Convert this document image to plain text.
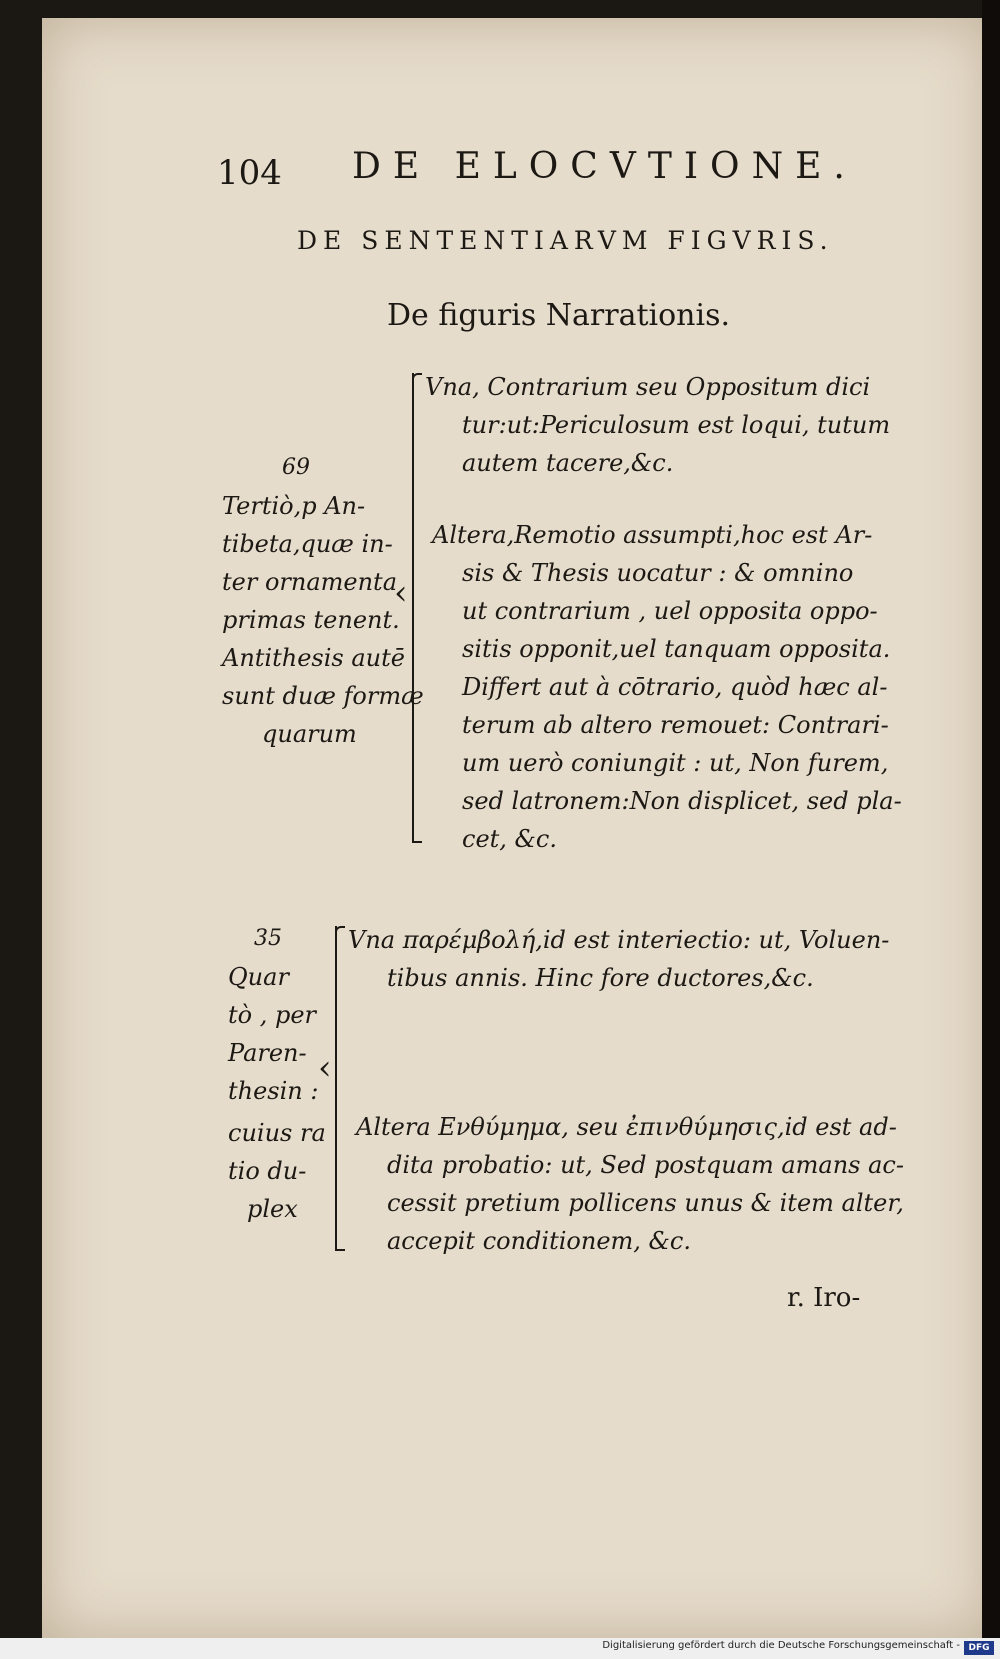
104 DE ELOCVTIONE.
DE SENTENTIARVM FIGVRIS.
De figuris Narrationis.
69
Tertiò,p An-
tibeta,quæ in-
ter ornamenta
primas tenent.
Antithesis autē
sunt duæ formæ
quarum
‹
Vna, Contrarium seu Oppositum dici
tur:ut:Periculosum est loqui, tutum
autem tacere,&c.
Altera,Remotio assumpti,hoc est Ar-
sis & Thesis uocatur : & omnino
ut contrarium , uel opposita oppo-
sitis opponit,uel tanquam opposita.
Differt aut à cōtrario, quòd hæc al-
terum ab altero remouet: Contrari-
um uerò coniungit : ut, Non furem,
sed latronem:Non displicet, sed pla-
cet, &c.
35
Quar
tò , per
Paren-
thesin :
cuius ra
tio du-
plex
‹
Vna παρέμβολή,id est interiectio: ut, Voluen-
tibus annis. Hinc fore ductores,&c.
Altera Ενθύμημα, seu ἐπινθύμησις,id est ad-
dita probatio: ut, Sed postquam amans ac-
cessit pretium pollicens unus & item alter,
accepit conditionem, &c.
r. Iro-
Digitalisierung gefördert durch die Deutsche Forschungsgemeinschaft - DFG
